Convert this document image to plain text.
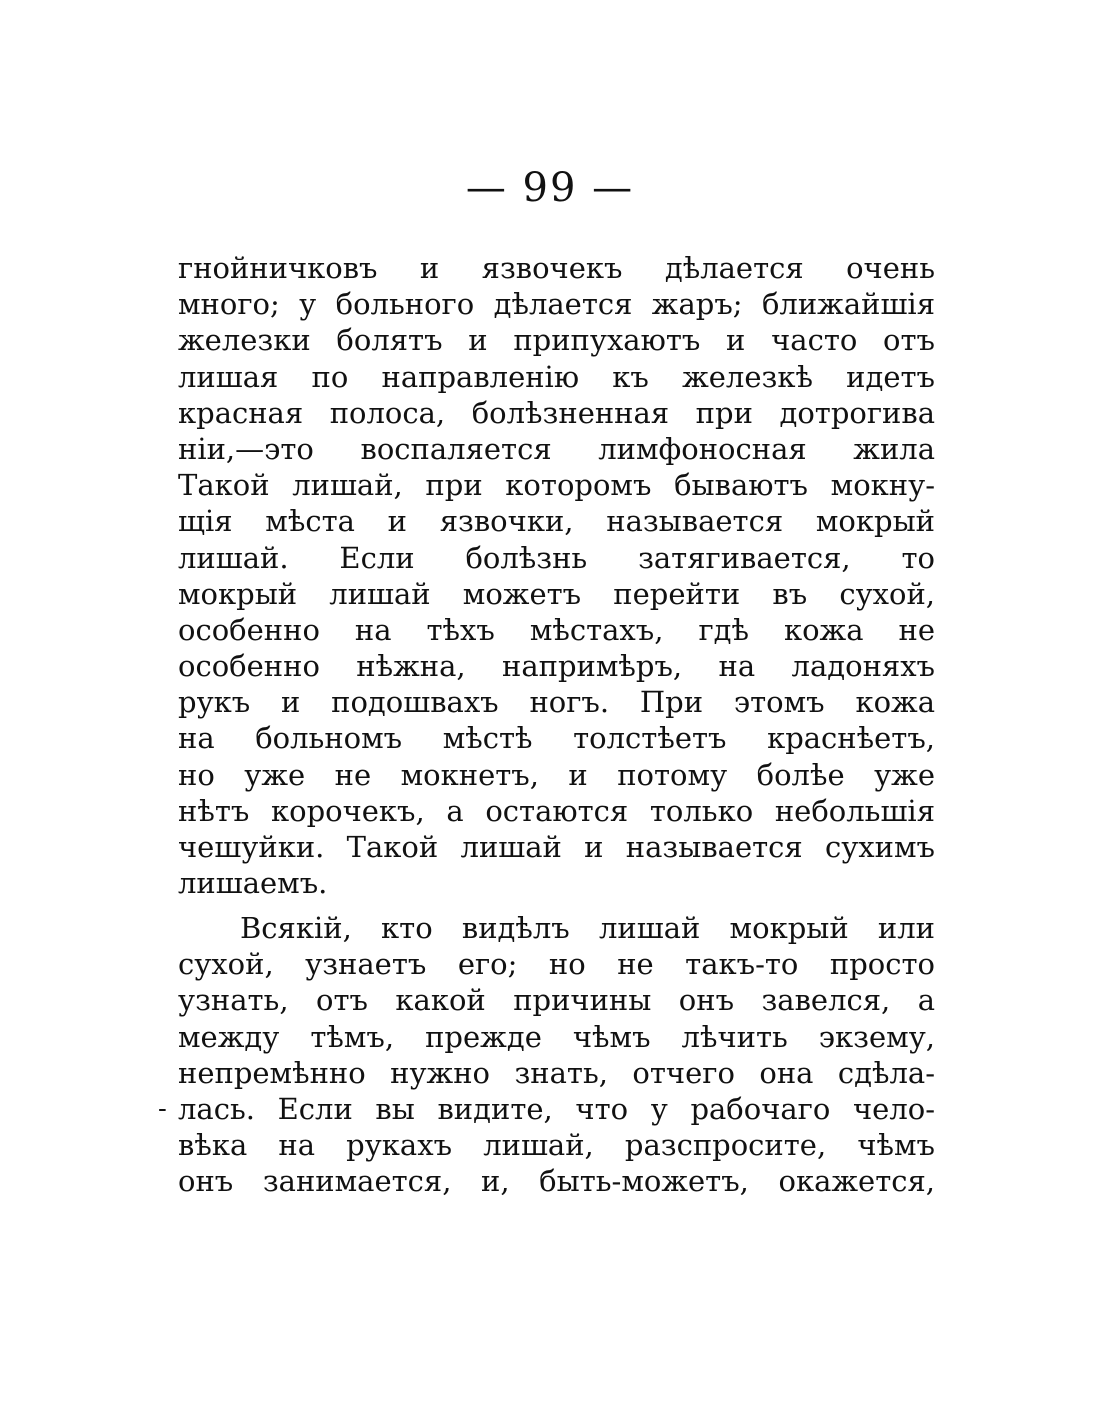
— 99 —
гнойничковъ и язвочекъ дѣлается очень
много; у больного дѣлается жаръ; ближайшія
железки болятъ и припухаютъ и часто отъ
лишая по направленію къ железкѣ идетъ
красная полоса, болѣзненная при дотрогива
ніи,—это воспаляется лимфоносная жила
Такой лишай, при которомъ бываютъ мокну-
щія мѣста и язвочки, называется мокрый
лишай. Если болѣзнь затягивается, то
мокрый лишай можетъ перейти въ сухой,
особенно на тѣхъ мѣстахъ, гдѣ кожа не
особенно нѣжна, напримѣръ, на ладоняхъ
рукъ и подошвахъ ногъ. При этомъ кожа
на больномъ мѣстѣ толстѣетъ краснѣетъ,
но уже не мокнетъ, и потому болѣе уже
нѣтъ корочекъ, а остаются только небольшія
чешуйки. Такой лишай и называется сухимъ
лишаемъ.
Всякій, кто видѣлъ лишай мокрый или
сухой, узнаетъ его; но не такъ-то просто
узнать, отъ какой причины онъ завелся, а
между тѣмъ, прежде чѣмъ лѣчить экзему,
непремѣнно нужно знать, отчего она сдѣла-
лась. Если вы видите, что у рабочаго чело-
вѣка на рукахъ лишай, разспросите, чѣмъ
онъ занимается, и, быть-можетъ, окажется,
-
